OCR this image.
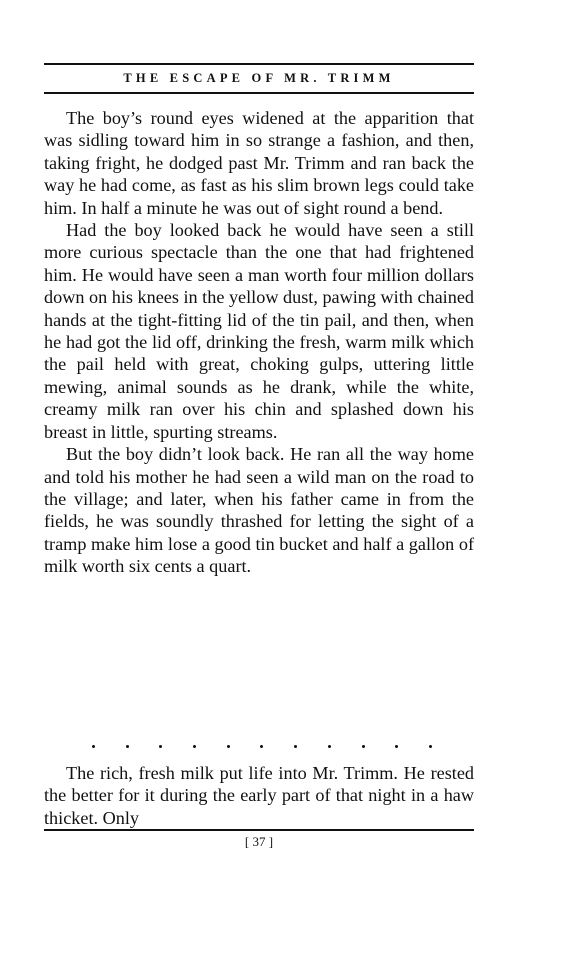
THE ESCAPE OF MR. TRIMM

The boy’s round eyes widened at the apparition that was sidling toward him in so strange a fashion, and then, taking fright, he dodged past Mr. Trimm and ran back the way he had come, as fast as his slim brown legs could take him. In half a minute he was out of sight round a bend.

Had the boy looked back he would have seen a still more curious spectacle than the one that had frightened him. He would have seen a man worth four million dollars down on his knees in the yellow dust, pawing with chained hands at the tight-fitting lid of the tin pail, and then, when he had got the lid off, drinking the fresh, warm milk which the pail held with great, choking gulps, uttering little mewing, animal sounds as he drank, while the white, creamy milk ran over his chin and splashed down his breast in little, spurting streams.

But the boy didn’t look back. He ran all the way home and told his mother he had seen a wild man on the road to the village; and later, when his father came in from the fields, he was soundly thrashed for letting the sight of a tramp make him lose a good tin bucket and half a gallon of milk worth six cents a quart.

The rich, fresh milk put life into Mr. Trimm. He rested the better for it during the early part of that night in a haw thicket. Only

[ 37 ]
